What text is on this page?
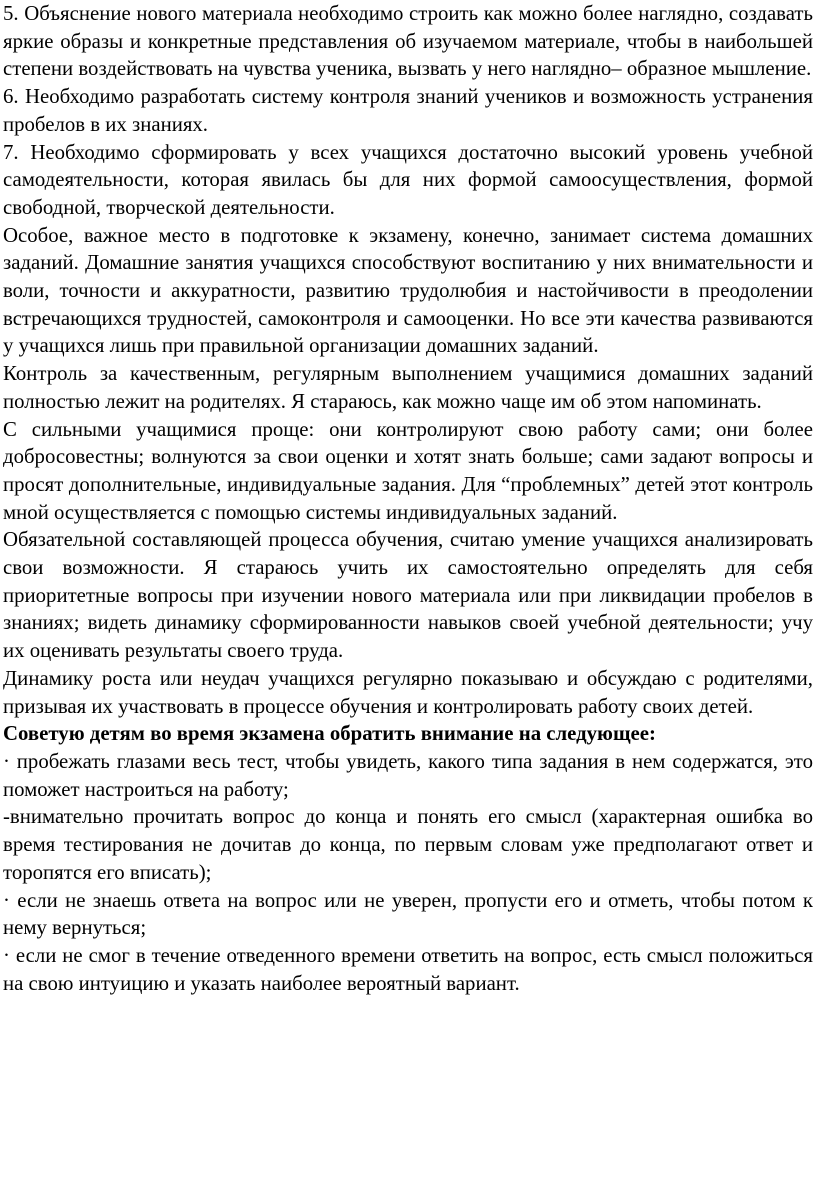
5. Объяснение нового материала необходимо строить как можно более наглядно, создавать яркие образы и конкретные представления об изучаемом материале, чтобы в наибольшей степени воздействовать на чувства ученика, вызвать у него наглядно– образное мышление.

6. Необходимо разработать систему контроля знаний учеников и возможность устранения пробелов в их знаниях.

7. Необходимо сформировать у всех учащихся достаточно высокий уровень учебной самодеятельности, которая явилась бы для них формой самоосуществления, формой свободной, творческой деятельности.

Особое, важное место в подготовке к экзамену, конечно, занимает система домашних заданий. Домашние занятия учащихся способствуют воспитанию у них внимательности и воли, точности и аккуратности, развитию трудолюбия и настойчивости в преодолении встречающихся трудностей, самоконтроля и самооценки. Но все эти качества развиваются у учащихся лишь при правильной организации домашних заданий.

Контроль за качественным, регулярным выполнением учащимися домашних заданий полностью лежит на родителях. Я стараюсь, как можно чаще им об этом напоминать.

С сильными учащимися проще: они контролируют свою работу сами; они более добросовестны; волнуются за свои оценки и хотят знать больше; сами задают вопросы и просят дополнительные, индивидуальные задания. Для “проблемных” детей этот контроль мной осуществляется с помощью системы индивидуальных заданий.

Обязательной составляющей процесса обучения, считаю умение учащихся анализировать свои возможности. Я стараюсь учить их самостоятельно определять для себя приоритетные вопросы при изучении нового материала или при ликвидации пробелов в знаниях; видеть динамику сформированности навыков своей учебной деятельности; учу их оценивать результаты своего труда.

Динамику роста или неудач учащихся регулярно показываю и обсуждаю с родителями, призывая их участвовать в процессе обучения и контролировать работу своих детей.

Советую детям во время экзамена обратить внимание на следующее:

· пробежать глазами весь тест, чтобы увидеть, какого типа задания в нем содержатся, это поможет настроиться на работу;

-внимательно прочитать вопрос до конца и понять его смысл (характерная ошибка во время тестирования не дочитав до конца, по первым словам уже предполагают ответ и торопятся его вписать);

· если не знаешь ответа на вопрос или не уверен, пропусти его и отметь, чтобы потом к нему вернуться;

· если не смог в течение отведенного времени ответить на вопрос, есть смысл положиться на свою интуицию и указать наиболее вероятный вариант.
